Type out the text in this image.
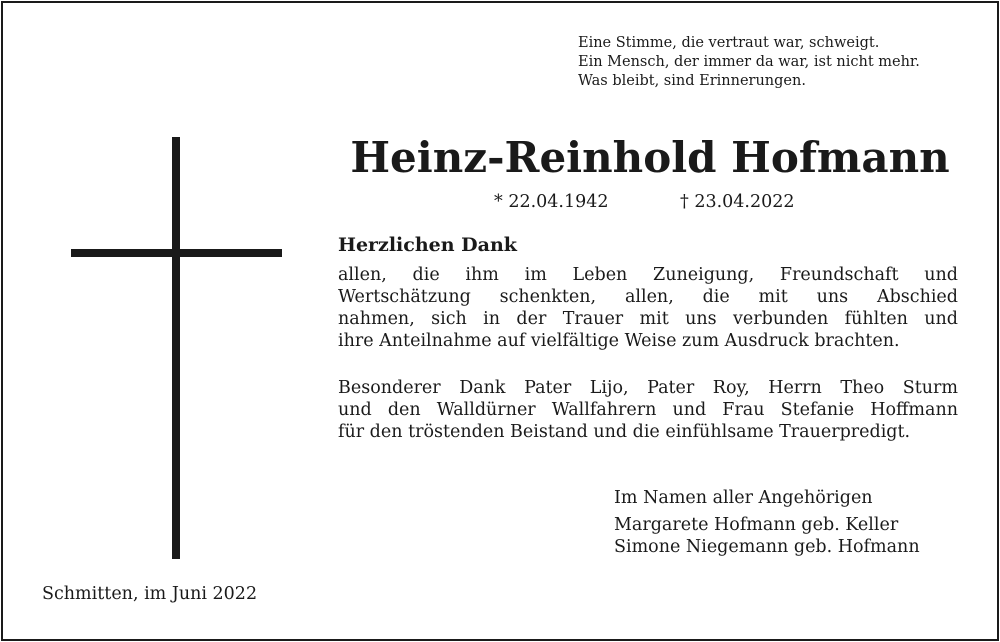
Eine Stimme, die vertraut war, schweigt.
Ein Mensch, der immer da war, ist nicht mehr.
Was bleibt, sind Erinnerungen.
Heinz-Reinhold Hofmann
* 22.04.1942	† 23.04.2022
Herzlichen Dank
allen, die ihm im Leben Zuneigung, Freundschaft und
Wertschätzung schenkten, allen, die mit uns Abschied
nahmen, sich in der Trauer mit uns verbunden fühlten und
ihre Anteilnahme auf vielfältige Weise zum Ausdruck brachten.
Besonderer Dank Pater Lijo, Pater Roy, Herrn Theo Sturm
und den Walldürner Wallfahrern und Frau Stefanie Hoffmann
für den tröstenden Beistand und die einfühlsame Trauerpredigt.
Im Namen aller Angehörigen
Margarete Hofmann geb. Keller
Simone Niegemann geb. Hofmann
Schmitten, im Juni 2022
